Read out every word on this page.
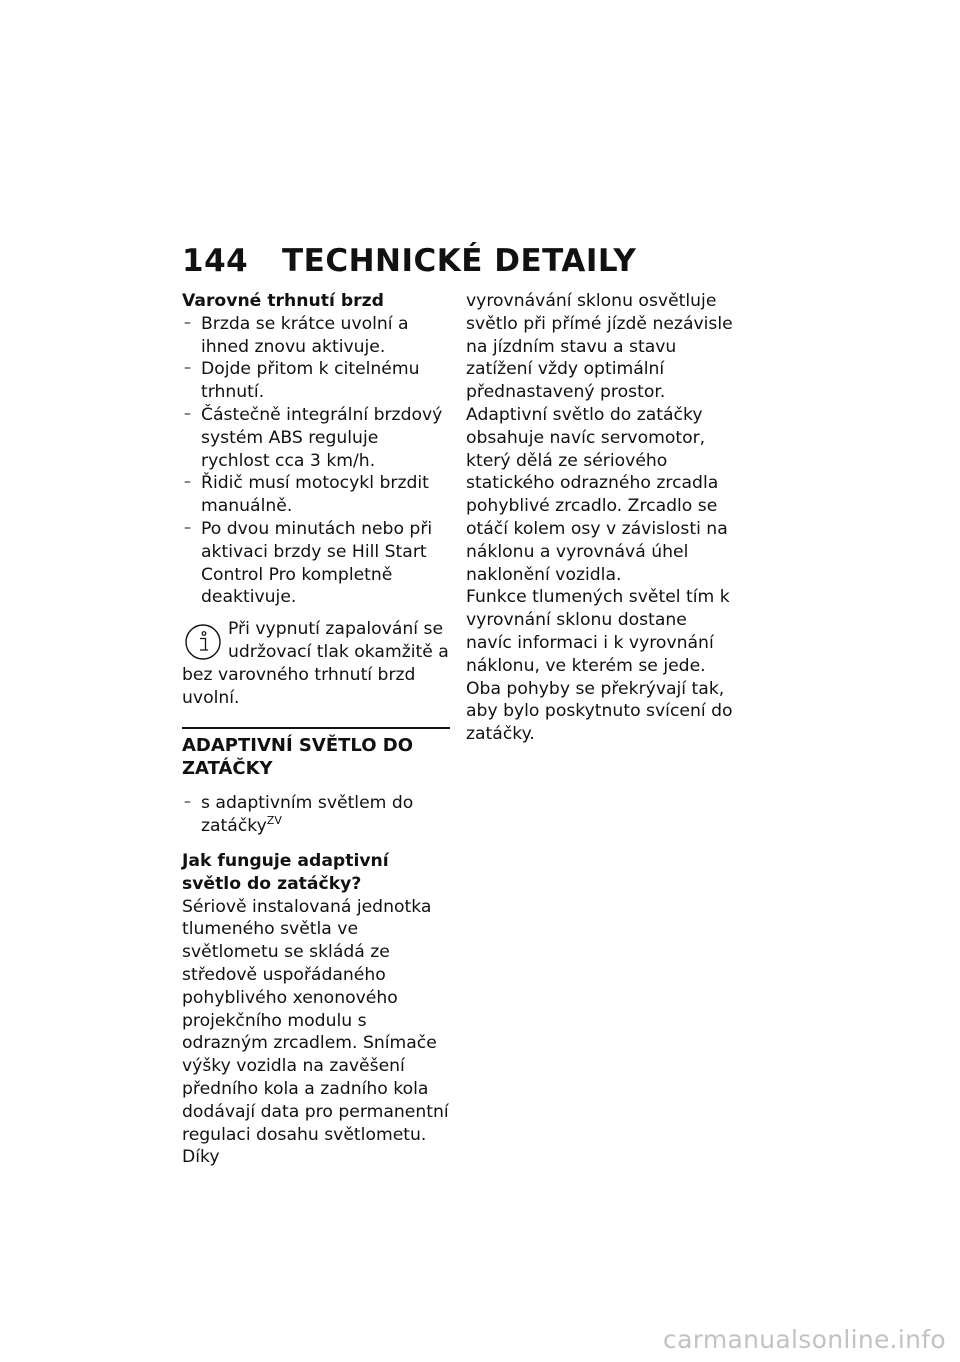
144 TECHNICKÉ DETAILY

Varovné trhnutí brzd

– Brzda se krátce uvolní a ihned znovu aktivuje.
– Dojde přitom k citelnému trhnutí.
– Částečně integrální brzdový systém ABS reguluje rychlost cca 3 km/h.
– Řidič musí motocykl brzdit manuálně.
– Po dvou minutách nebo při aktivaci brzdy se Hill Start Control Pro kompletně deaktivuje.

Při vypnutí zapalování se udržovací tlak okamžitě a bez varovného trhnutí brzd uvolní.

ADAPTIVNÍ SVĚTLO DO ZATÁČKY
– s adaptivním světlem do zatáčky$^{ZV}$

Jak funguje adaptivní světlo do zatáčky?

Sériově instalovaná jednotka tlumeného světla ve světlometu se skládá ze středově uspořádaného pohyblivého xenonového projekčního modulu s odrazným zrcadlem. Snímače výšky vozidla na zavěšení předního kola a zadního kola dodávají data pro permanentní regulaci dosahu světlometu. Díky

vyrovnávání sklonu osvětluje světlo při přímé jízdě nezávisle na jízdním stavu a stavu zatížení vždy optimální přednastavený prostor.

Adaptivní světlo do zatáčky obsahuje navíc servomotor, který dělá ze sériového statického odrazného zrcadla pohyblivé zrcadlo. Zrcadlo se otáčí kolem osy v závislosti na náklonu a vyrovnává úhel naklonění vozidla.

Funkce tlumených světel tím k vyrovnání sklonu dostane navíc informaci i k vyrovnání náklonu, ve kterém se jede. Oba pohyby se překrývají tak, aby bylo poskytnuto svícení do zatáčky.

carmanualsonline.info
